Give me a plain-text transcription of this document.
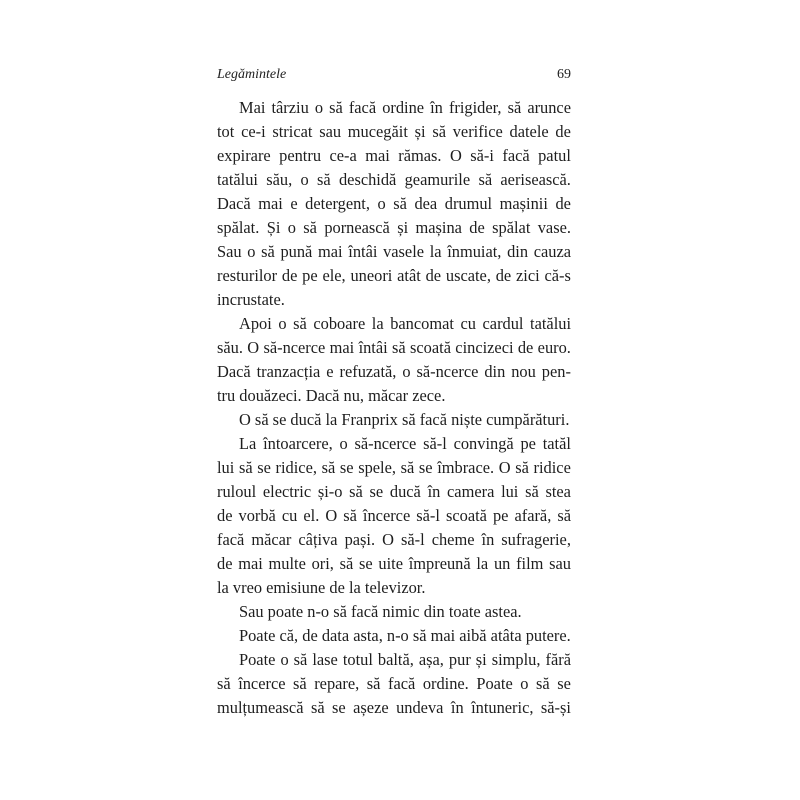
Legămintele	69
Mai târziu o să facă ordine în frigider, să arunce
tot ce-i stricat sau mucegăit și să verifice datele de
expirare pentru ce-a mai rămas. O să-i facă patul
tatălui său, o să deschidă geamurile să aerisească.
Dacă mai e detergent, o să dea drumul mașinii de
spălat. Și o să pornească și mașina de spălat vase.
Sau o să pună mai întâi vasele la înmuiat, din cauza
resturilor de pe ele, uneori atât de uscate, de zici că-s
incrustate.
Apoi o să coboare la bancomat cu cardul tatălui
său. O să-ncerce mai întâi să scoată cincizeci de euro.
Dacă tranzacția e refuzată, o să-ncerce din nou pen-
tru douăzeci. Dacă nu, măcar zece.
O să se ducă la Franprix să facă niște cumpărături.
La întoarcere, o să-ncerce să-l convingă pe tatăl
lui să se ridice, să se spele, să se îmbrace. O să ridice
ruloul electric și-o să se ducă în camera lui să stea
de vorbă cu el. O să încerce să-l scoată pe afară, să
facă măcar câțiva pași. O să-l cheme în sufragerie,
de mai multe ori, să se uite împreună la un film sau
la vreo emisiune de la televizor.
Sau poate n-o să facă nimic din toate astea.
Poate că, de data asta, n-o să mai aibă atâta putere.
Poate o să lase totul baltă, așa, pur și simplu, fără
să încerce să repare, să facă ordine. Poate o să se
mulțumească să se așeze undeva în întuneric, să-și
